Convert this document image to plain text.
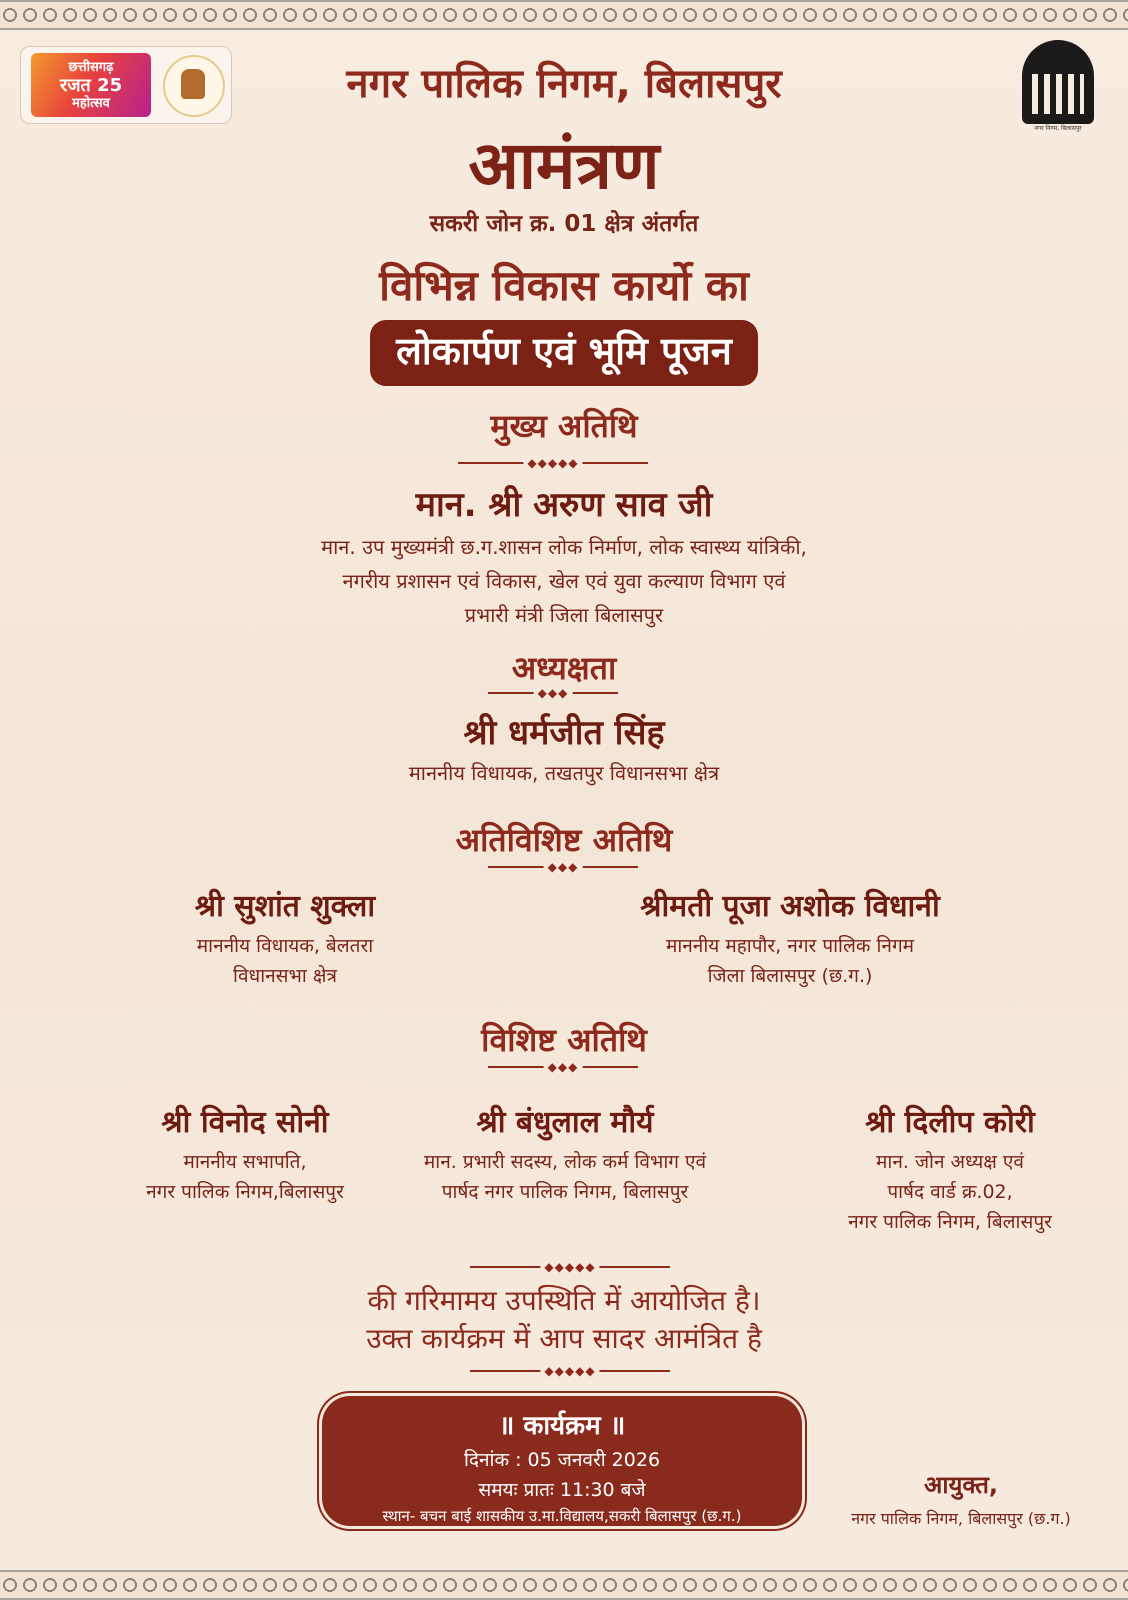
छत्तीसगढ़
रजत 25
महोत्सव
नगर निगम, बिलासपुर
नगर पालिक निगम, बिलासपुर
आमंत्रण
सकरी जोन क्र. 01 क्षेत्र अंतर्गत
विभिन्न विकास कार्यो का
लोकार्पण एवं भूमि पूजन
मुख्य अतिथि
◆◆◆◆◆
मान. श्री अरुण साव जी
मान. उप मुख्यमंत्री छ.ग.शासन लोक निर्माण, लोक स्वास्थ्य यांत्रिकी,
नगरीय प्रशासन एवं विकास, खेल एवं युवा कल्याण विभाग एवं
प्रभारी मंत्री जिला बिलासपुर
अध्यक्षता
◆◆◆
श्री धर्मजीत सिंह
माननीय विधायक, तखतपुर विधानसभा क्षेत्र
अतिविशिष्ट अतिथि
◆◆◆
श्री सुशांत शुक्ला
माननीय विधायक, बेलतरा
विधानसभा क्षेत्र
श्रीमती पूजा अशोक विधानी
माननीय महापौर, नगर पालिक निगम
जिला बिलासपुर (छ.ग.)
विशिष्ट अतिथि
◆◆◆
श्री विनोद सोनी
माननीय सभापति,
नगर पालिक निगम,बिलासपुर
श्री बंधुलाल मौर्य
मान. प्रभारी सदस्य, लोक कर्म विभाग एवं
पार्षद नगर पालिक निगम, बिलासपुर
श्री दिलीप कोरी
मान. जोन अध्यक्ष एवं
पार्षद वार्ड क्र.02,
नगर पालिक निगम, बिलासपुर
◆◆◆◆◆
की गरिमामय उपस्थिति में आयोजित है।
उक्त कार्यक्रम में आप सादर आमंत्रित है
◆◆◆◆◆
॥ कार्यक्रम ॥
दिनांक : 05 जनवरी 2026
समयः प्रातः 11:30 बजे
स्थान- बचन बाई शासकीय उ.मा.विद्यालय,सकरी बिलासपुर (छ.ग.)
आयुक्त,
नगर पालिक निगम, बिलासपुर (छ.ग.)
